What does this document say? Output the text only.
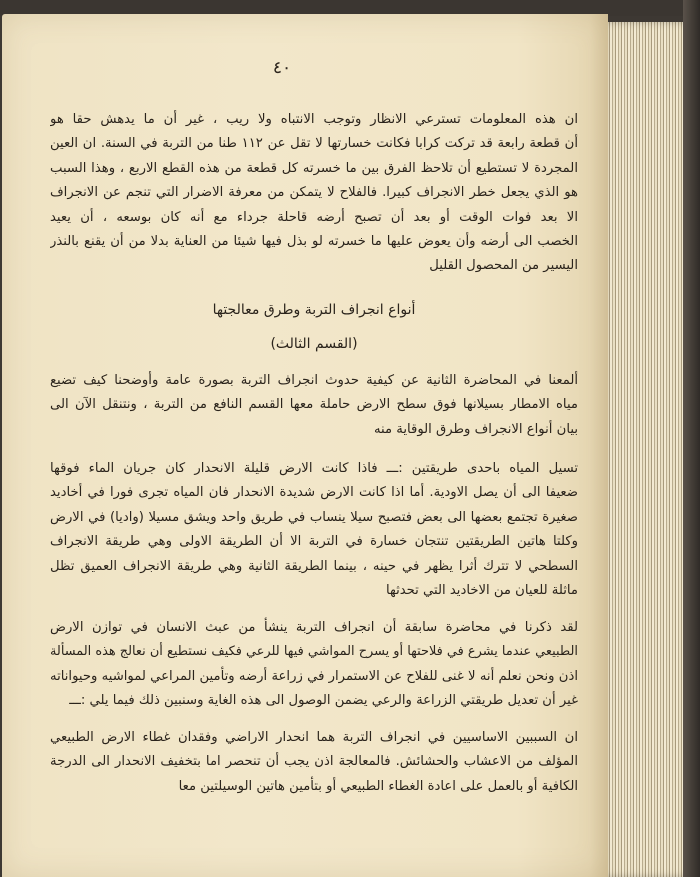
٤٠

ان هذه المعلومات تسترعي الانظار وتوجب الانتباه ولا ريب ، غير أن ما يدهش حقا هو
أن قطعة رابعة قد تركت كرابا فكانت خسارتها لا تقل عن ١١٢ طنا من التربة في السنة. ان العين
المجردة لا تستطيع أن تلاحظ الفرق بين ما خسرته كل قطعة من هذه القطع الاربع ، وهذا السبب
هو الذي يجعل خطر الانجراف كبيرا. فالفلاح لا يتمكن من معرفة الاضرار التي تنجم عن الانجراف
الا بعد فوات الوقت أو بعد أن تصبح أرضه قاحلة جرداء مع أنه كان بوسعه ، أن يعيد
الخصب الى أرضه وأن يعوض عليها ما خسرته لو بذل فيها شيئا من العناية بدلا من أن يقنع بالنذر
اليسير من المحصول القليل

أنواع انجراف التربة وطرق معالجتها
(القسم الثالث)

ألمعنا في المحاضرة الثانية عن كيفية حدوث انجراف التربة بصورة عامة وأوضحنا كيف تضيع
مياه الامطار بسيلانها فوق سطح الارض حاملة معها القسم النافع من التربة ، ونتنقل الآن الى
بيان أنواع الانجراف وطرق الوقاية منه

تسيل المياه باحدى طريقتين :ـــ فاذا كانت الارض قليلة الانحدار كان جريان الماء فوقها
ضعيفا الى أن يصل الاودية. أما اذا كانت الارض شديدة الانحدار فان المياه تجرى فورا في أخاديد
صغيرة تجتمع بعضها الى بعض فتصبح سيلا ينساب في طريق واحد ويشق مسيلا (واديا) في الارض
وكلتا هاتين الطريقتين تنتجان خسارة في التربة الا أن الطريقة الاولى وهي طريقة الانجراف
السطحي لا تترك أثرا يظهر في حينه ، بينما الطريقة الثانية وهي طريقة الانجراف العميق تظل
ماثلة للعيان من الاخاديد التي تحدثها

لقد ذكرنا في محاضرة سابقة أن انجراف التربة ينشأ من عبث الانسان في توازن الارض
الطبيعي عندما يشرع في فلاحتها أو يسرح المواشي فيها للرعي فكيف نستطيع أن نعالج هذه المسألة
اذن ونحن نعلم أنه لا غنى للفلاح عن الاستمرار في زراعة أرضه وتأمين المراعي لمواشيه وحيواناته
غير أن تعديل طريقتي الزراعة والرعي يضمن الوصول الى هذه الغاية وسنبين ذلك فيما يلي :ـــ

ان السببين الاساسيين في انجراف التربة هما انحدار الاراضي وفقدان غطاء الارض الطبيعي
المؤلف من الاعشاب والحشائش. فالمعالجة اذن يجب أن تنحصر اما بتخفيف الانحدار الى الدرجة
الكافية أو بالعمل على اعادة الغطاء الطبيعي أو بتأمين هاتين الوسيلتين معا
